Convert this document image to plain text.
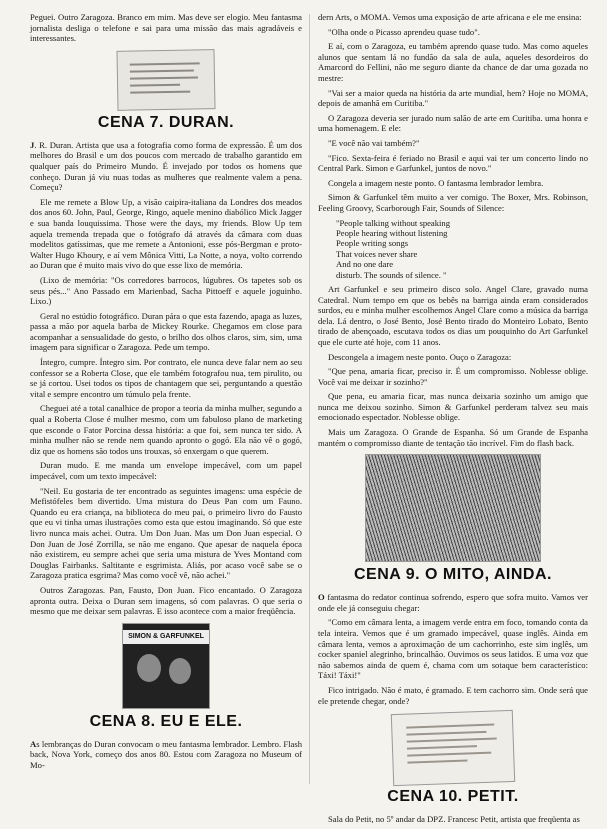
Peguei. Outro Zaragoza. Branco em mim. Mas deve ser elogio. Meu fantasma jornalista desliga o telefone e sai para uma missão das mais agradáveis e interessantes.

CENA 7. DURAN.

J. R. Duran. Artista que usa a fotografia como forma de expressão. É um dos melhores do Brasil e um dos poucos com mercado de trabalho garantido em qualquer país do Primeiro Mundo. É invejado por todos os homens que conheço. Duran já viu nuas todas as mulheres que realmente valem a pena. Começu?

Ele me remete a Blow Up, a visão caipira-italiana da Londres dos meados dos anos 60. John, Paul, George, Ringo, aquele menino diabólico Mick Jagger e sua banda louquissima. Those were the days, my friends. Blow Up tem aquela tremenda trepada que o fotógrafo dá através da câmara com duas modelitos gatíssimas, que me remete a Antonioni, esse pós-Bergman e proto-Walter Hugo Khoury, e aí vem Mônica Vitti, La Notte, a noya, volto correndo ao Duran que é muito mais vivo do que esse lixo de memória.

(Lixo de memória: "Os corredores barrocos, lúgubres. Os tapetes sob os seus pés..." Ano Passado em Marienbad, Sacha Pittoeff e aquele joguinho. Lixo.)

Geral no estúdio fotográfico. Duran pára o que esta fazendo, apaga as luzes, passa a mão por aquela barba de Mickey Rourke. Chegamos em close para acompanhar a sensualidade do gesto, o brilho dos olhos claros, sim, sim, uma imagem para significar o Zaragoza. Pede um tempo.

Íntegro, cumpre. Íntegro sim. Por contrato, ele nunca deve falar nem ao seu confessor se a Roberta Close, que ele também fotografou nua, tem pirulito, ou se já cortou. Usei todos os tipos de chantagem que sei, perguntando a questão vital e sempre encontro um túmulo pela frente.

Cheguei até a total canalhice de propor a teoria da minha mulher, segundo a qual a Roberta Close é mulher mesmo, com um fabuloso plano de marketing que esconde o Fator Porcina dessa história: a que foi, sem nunca ter sido. A minha mulher não se rende nem quando apronto o gogó. Ela não vê o gogó, diz que os homens são todos uns trouxas, só enxergam o que querem.

Duran mudo. E me manda um envelope impecável, com um papel impecável, com um texto impecável:

"Neil. Eu gostaria de ter encontrado as seguintes imagens: uma espécie de Mefistófeles bem divertido. Uma mistura do Deus Pan com um Fauno. Quando eu era criança, na biblioteca do meu pai, o primeiro livro do Fausto que eu vi tinha umas ilustrações como esta que estou imaginando. Só que este livro nunca mais achei. Outra. Um Don Juan. Mas um Don Juan especial. O Don Juan de José Zorrilla, se não me engano. Que apesar de naquela época não existirem, eu sempre achei que seria uma mistura de Yves Montand com Douglas Fairbanks. Saltitante e esgrimista. Aliás, por acaso você sabe se o Zaragoza pratica esgrima? Mas como você vê, não achei."

Outros Zaragozas. Pan, Fausto, Don Juan. Fico encantado. O Zaragoza apronta outra. Deixa o Duran sem imagens, só com palavras. O que seria o mesmo que me deixar sem palavras. E isso acontece com a maior freqüência.

SIMON & GARFUNKEL
CENA 8. EU E ELE.

As lembranças do Duran convocam o meu fantasma lembrador. Lembro. Flash back, Nova York, começo dos anos 80. Estou com Zaragoza no Museum of Mo-

dern Arts, o MOMA. Vemos uma exposição de arte africana e ele me ensina:

"Olha onde o Picasso aprendeu quase tudo".

E aí, com o Zaragoza, eu também aprendo quase tudo. Mas como aqueles alunos que sentam lá no fundão da sala de aula, aqueles desordeiros do Amarcord do Fellini, não me seguro diante da chance de dar uma gozada no mestre:

"Vai ser a maior queda na história da arte mundial, hem? Hoje no MOMA, depois de amanhã em Curitiba."

O Zaragoza deveria ser jurado num salão de arte em Curitiba. uma honra e uma homenagem. E ele:

"E você não vai também?"

"Fico. Sexta-feira é feriado no Brasil e aqui vai ter um concerto lindo no Central Park. Simon e Garfunkel, juntos de novo."

Congela a imagem neste ponto. O fantasma lembrador lembra.

Simon & Garfunkel têm muito a ver comigo. The Boxer, Mrs. Robinson, Feeling Groovy, Scarborough Fair, Sounds of Silence:

"People talking without speaking
People hearing without listening
People writing songs
That voices never share
And no one dare
disturb. The sounds of silence. "

Art Garfunkel e seu primeiro disco solo. Angel Clare, gravado numa Catedral. Num tempo em que os bebês na barriga ainda eram considerados surdos, eu e minha mulher escolhemos Angel Clare como a música da barriga dela. Lá dentro, o José Bento, José Bento tirado do Monteiro Lobato, Bento tirado de abençoado, escutava todos os dias um pouquinho do Art Garfunkel que ele curte até hoje, com 11 anos.

Descongela a imagem neste ponto. Ouço o Zaragoza:

"Que pena, amaria ficar, preciso ir. É um compromisso. Noblesse oblige. Você vai me deixar ir sozinho?"

Que pena, eu amaria ficar, mas nunca deixaria sozinho um amigo que nunca me deixou sozinho. Simon & Garfunkel perderam talvez seu mais emocionado espectador. Noblesse oblige.

Mais um Zaragoza. O Grande de Espanha. Só um Grande de Espanha mantém o compromisso diante de tentação tão incrível. Fim do flash back.

CENA 9. O MITO, AINDA.

O fantasma do redator continua sofrendo, espero que sofra muito. Vamos ver onde ele já conseguiu chegar:

"Como em câmara lenta, a imagem verde entra em foco, tomando conta da tela inteira. Vemos que é um gramado impecável, quase inglês. Ainda em câmara lenta, vemos a aproximação de um cachorrinho, este sim inglês, um cocker spaniel alegrinho, brincalhão. Ouvimos os seus latidos. E uma voz que não sabemos ainda de quem é, chama com um sotaque bem característico: Táxi! Táxi!"

Fico intrigado. Não é mato, é gramado. E tem cachorro sim. Onde será que ele pretende chegar, onde?

CENA 10. PETIT.

Sala do Petit, no 5º andar da DPZ. Francesc Petit, artista que freqüenta as
